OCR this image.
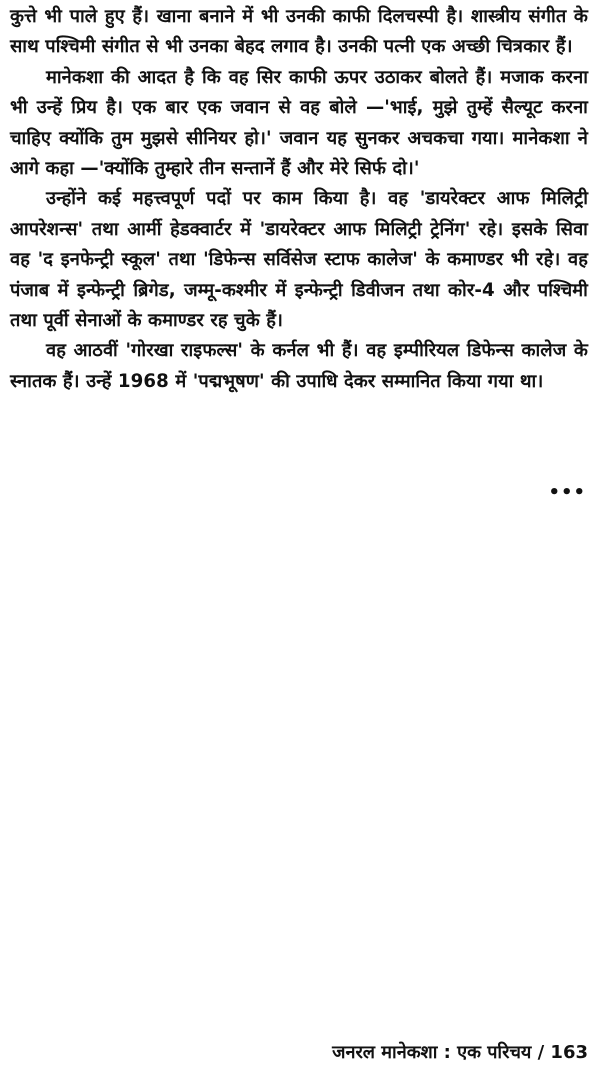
कुत्ते भी पाले हुए हैं। खाना बनाने में भी उनकी काफी दिलचस्पी है। शास्त्रीय संगीत के साथ पश्चिमी संगीत से भी उनका बेहद लगाव है। उनकी पत्नी एक अच्छी चित्रकार हैं।

मानेकशा की आदत है कि वह सिर काफी ऊपर उठाकर बोलते हैं। मजाक करना भी उन्हें प्रिय है। एक बार एक जवान से वह बोले —'भाई, मुझे तुम्हें सैल्यूट करना चाहिए क्योंकि तुम मुझसे सीनियर हो।' जवान यह सुनकर अचकचा गया। मानेकशा ने आगे कहा —'क्योंकि तुम्हारे तीन सन्तानें हैं और मेरे सिर्फ दो।'

उन्होंने कई महत्त्वपूर्ण पदों पर काम किया है। वह 'डायरेक्टर आफ मिलिट्री आपरेशन्स' तथा आर्मी हेडक्वार्टर में 'डायरेक्टर आफ मिलिट्री ट्रेनिंग' रहे। इसके सिवा वह 'द इनफेन्ट्री स्कूल' तथा 'डिफेन्स सर्विसेज स्टाफ कालेज' के कमाण्डर भी रहे। वह पंजाब में इन्फेन्ट्री ब्रिगेड, जम्मू-कश्मीर में इन्फेन्ट्री डिवीजन तथा कोर-4 और पश्चिमी तथा पूर्वी सेनाओं के कमाण्डर रह चुके हैं।

वह आठवीं 'गोरखा राइफल्स' के कर्नल भी हैं। वह इम्पीरियल डिफेन्स कालेज के स्नातक हैं। उन्हें 1968 में 'पद्मभूषण' की उपाधि देकर सम्मानित किया गया था।

•••
जनरल मानेकशा : एक परिचय / 163
